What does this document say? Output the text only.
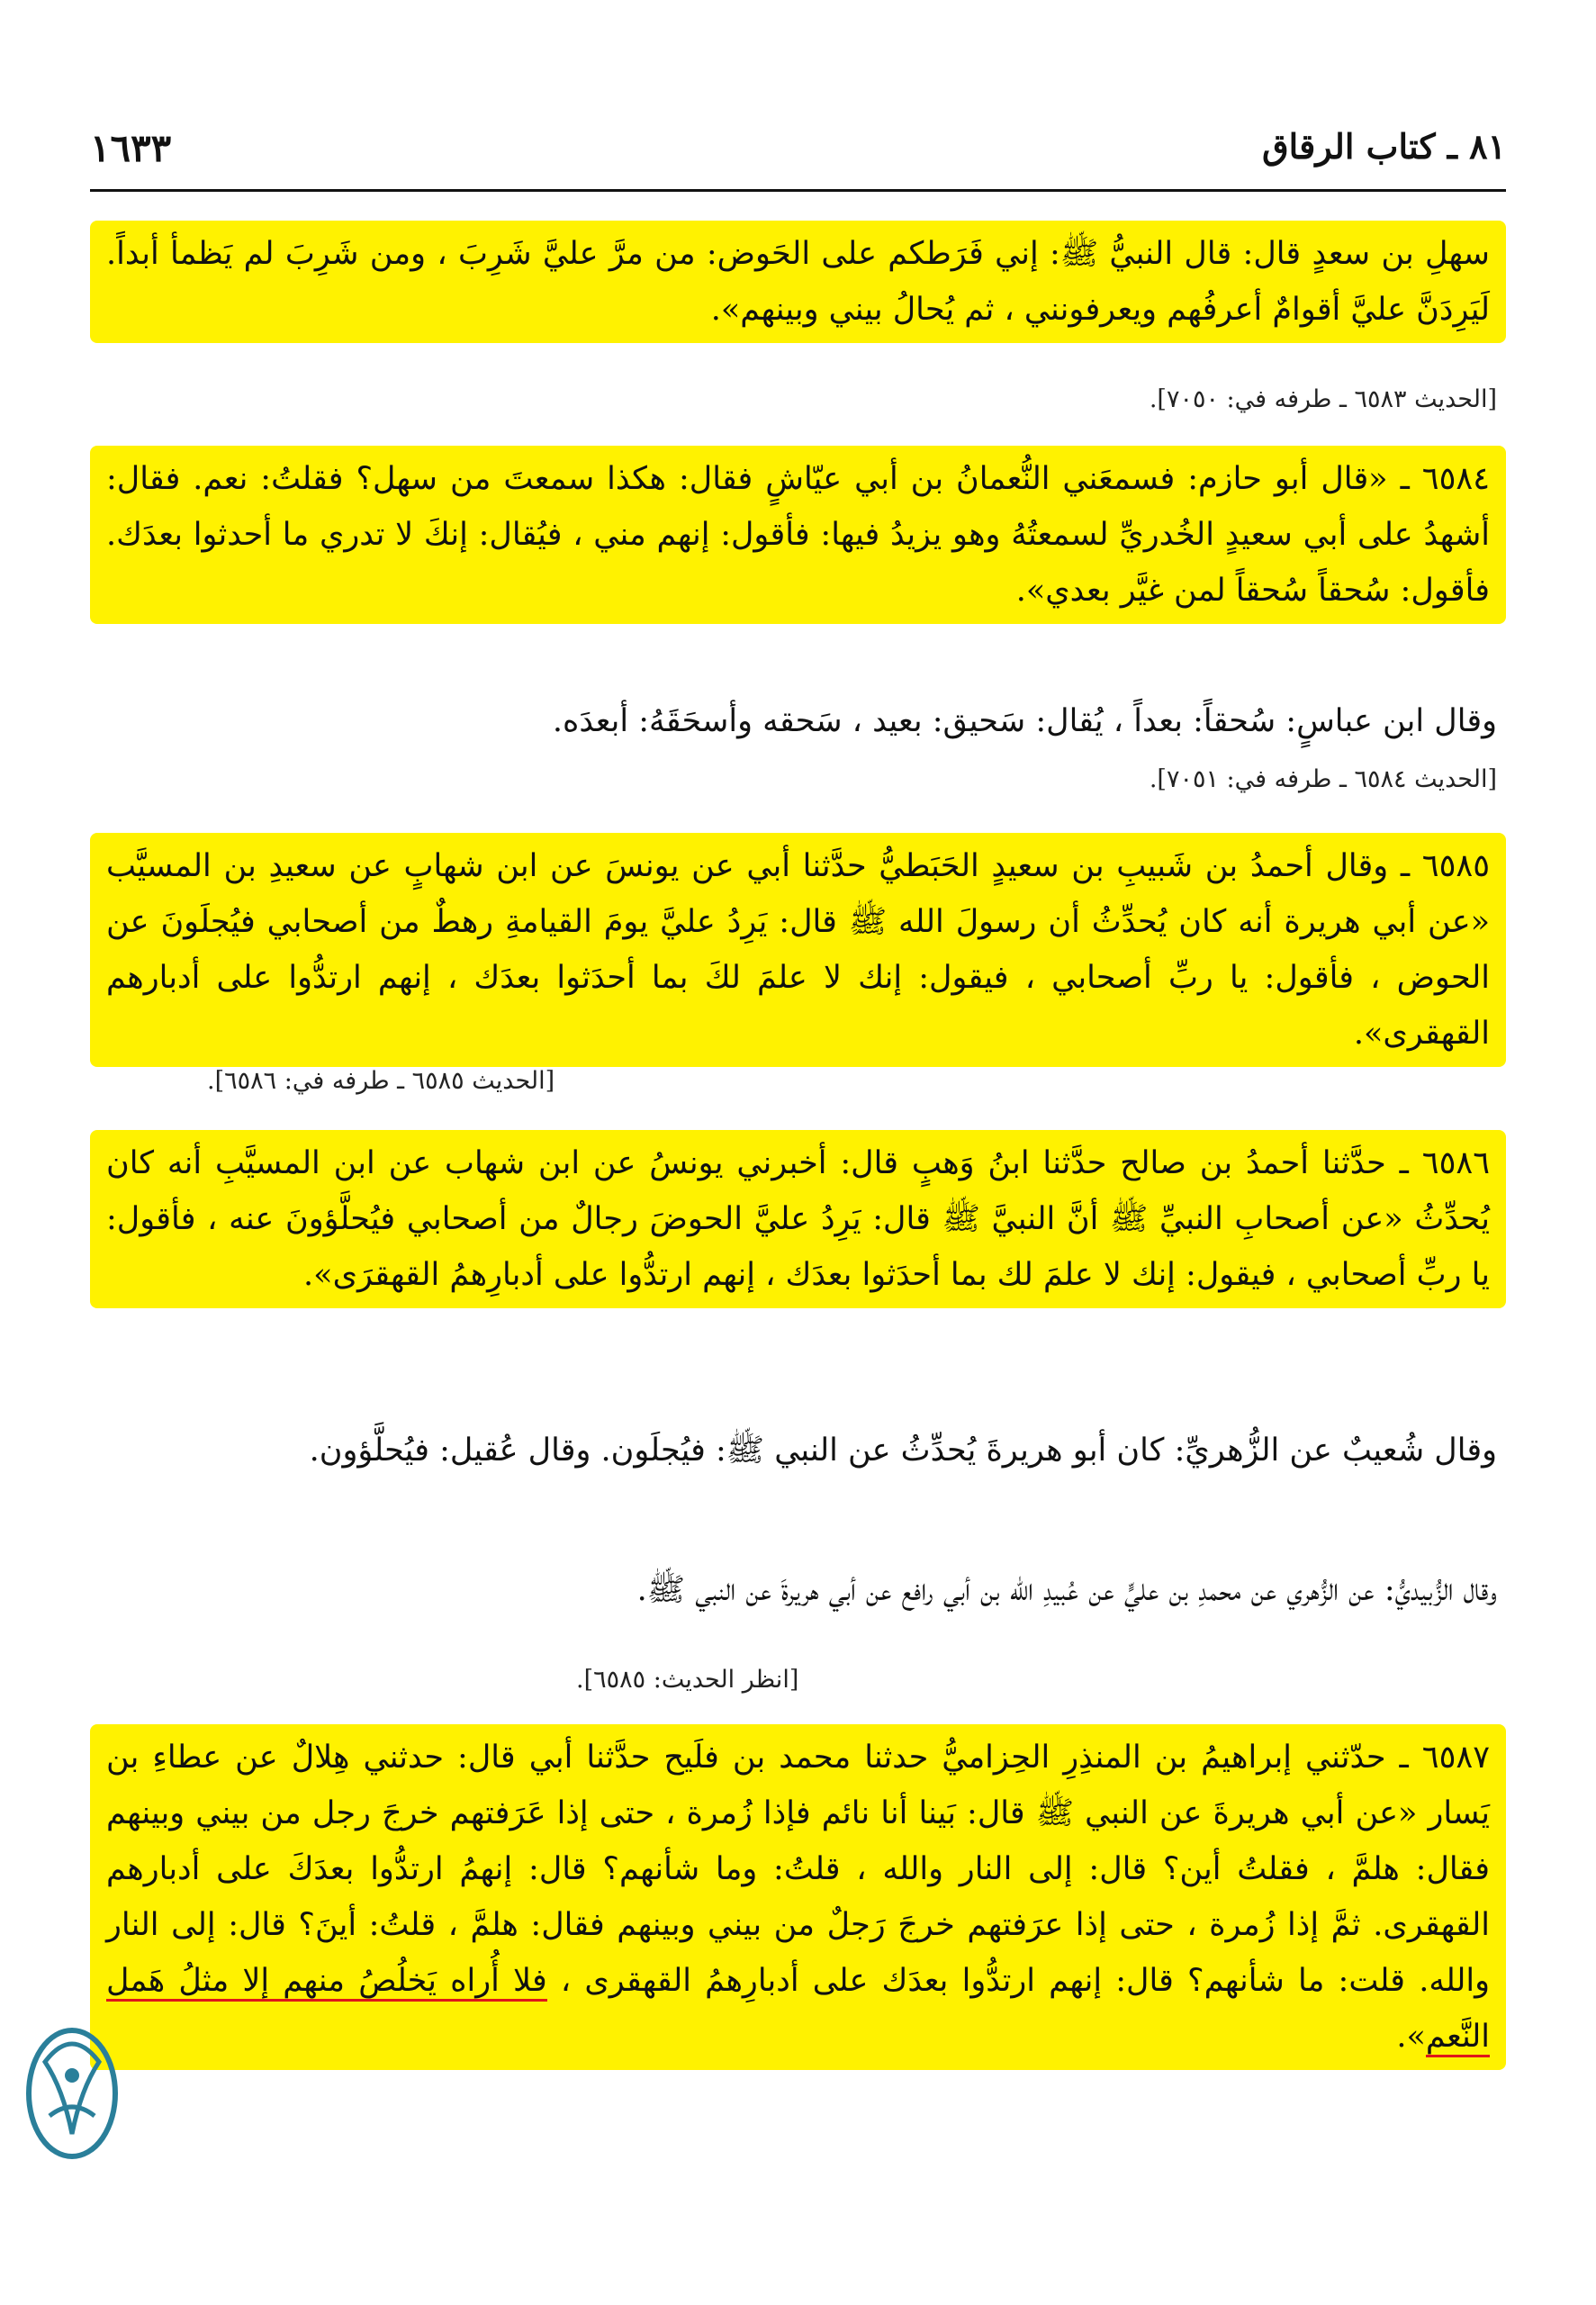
٨١ ـ كتاب الرقاق
١٦٣٣

سهلِ بن سعدٍ قال: قال النبيُّ ﷺ: إني فَرَطكم على الحَوض: من مرَّ عليَّ شَرِبَ ، ومن شَرِبَ لم يَظمأ أبداً. لَيَرِدَنَّ عليَّ أقوامٌ أعرفُهم ويعرفونني ، ثم يُحالُ بيني وبينهم».

[الحديث ٦٥٨٣ ـ طرفه في: ٧٠٥٠].

٦٥٨٤ ـ «قال أبو حازم: فسمعَني النُّعمانُ بن أبي عيّاشٍ فقال: هكذا سمعتَ من سهل؟ فقلتُ: نعم. فقال: أشهدُ على أبي سعيدٍ الخُدريِّ لسمعتُهُ وهو يزيدُ فيها: فأقول: إنهم مني ، فيُقال: إنكَ لا تدري ما أحدثوا بعدَك. فأقول: سُحقاً سُحقاً لمن غيَّر بعدي».

وقال ابن عباسٍ: سُحقاً: بعداً ، يُقال: سَحيق: بعيد ، سَحقه وأسحَقَهُ: أبعدَه.
[الحديث ٦٥٨٤ ـ طرفه في: ٧٠٥١].

٦٥٨٥ ـ وقال أحمدُ بن شَبيبِ بن سعيدٍ الحَبَطيُّ حدَّثنا أبي عن يونسَ عن ابن شهابٍ عن سعيدِ بن المسيَّب «عن أبي هريرة أنه كان يُحدِّثُ أن رسولَ الله ﷺ قال: يَرِدُ عليَّ يومَ القيامةِ رهطٌ من أصحابي فيُجلَونَ عن الحوض ، فأقول: يا ربِّ أصحابي ، فيقول: إنك لا علمَ لكَ بما أحدَثوا بعدَك ، إنهم ارتدُّوا على أدبارهم القهقرى».

[الحديث ٦٥٨٥ ـ طرفه في: ٦٥٨٦].

٦٥٨٦ ـ حدَّثنا أحمدُ بن صالح حدَّثنا ابنُ وَهبٍ قال: أخبرني يونسُ عن ابن شهاب عن ابن المسيَّبِ أنه كان يُحدِّثُ «عن أصحابِ النبيِّ ﷺ أنَّ النبيَّ ﷺ قال: يَرِدُ عليَّ الحوضَ رجالٌ من أصحابي فيُحلَّؤونَ عنه ، فأقول: يا ربِّ أصحابي ، فيقول: إنك لا علمَ لك بما أحدَثوا بعدَك ، إنهم ارتدُّوا على أدبارِهمُ القهقرَى».

وقال شُعيبٌ عن الزُّهريِّ: كان أبو هريرةَ يُحدِّثُ عن النبي ﷺ: فيُجلَون. وقال عُقيل: فيُحلَّؤون.
وقال الزُّبيديُّ: عن الزُّهري عن محمدِ بن عليٍّ عن عُبيدِ الله بن أبي رافع عن أبي هريرةَ عن النبي ﷺ.
[انظر الحديث: ٦٥٨٥].

٦٥٨٧ ـ حدّثني إبراهيمُ بن المنذِرِ الحِزاميُّ حدثنا محمد بن فلَيح حدَّثنا أبي قال: حدثني هِلالٌ عن عطاءِ بن يَسار «عن أبي هريرةَ عن النبي ﷺ قال: بَينا أنا نائم فإذا زُمرة ، حتى إذا عَرَفتهم خرجَ رجل من بيني وبينهم فقال: هلمَّ ، فقلتُ أين؟ قال: إلى النار والله ، قلتُ: وما شأنهم؟ قال: إنهمُ ارتدُّوا بعدَكَ على أدبارهم القهقرى. ثمَّ إذا زُمرة ، حتى إذا عرَفتهم خرجَ رَجلٌ من بيني وبينهم فقال: هلمَّ ، قلتُ: أينَ؟ قال: إلى النار والله. قلت: ما شأنهم؟ قال: إنهم ارتدُّوا بعدَك على أدبارِهمُ القهقرى ، فلا أُراه يَخلُصُ منهم إلا مثلُ هَمل النَّعم».
